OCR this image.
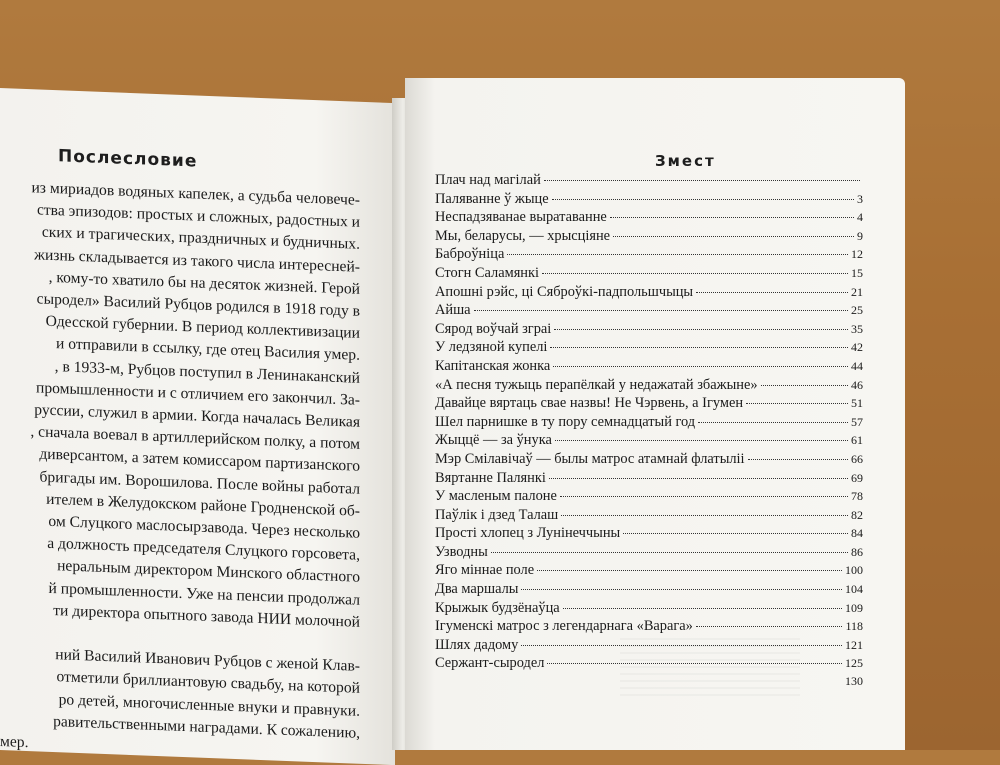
Послесловие
из мириадов водяных капелек, а судьба человече-
ства эпизодов: простых и сложных, радостных и
ских и трагических, праздничных и будничных.
жизнь складывается из такого числа интересней-
, кому-то хватило бы на десяток жизней. Герой
сыродел» Василий Рубцов родился в 1918 году в
Одесской губернии. В период коллективизации
и отправили в ссылку, где отец Василия умер.
, в 1933-м, Рубцов поступил в Ленинаканский
промышленности и с отличием его закончил. За-
руссии, служил в армии. Когда началась Великая
, сначала воевал в артиллерийском полку, а потом
диверсантом, а затем комиссаром партизанского
бригады им. Ворошилова. После войны работал
ителем в Желудокском районе Гродненской об-
ом Слуцкого маслосырзавода. Через несколько
а должность председателя Слуцкого горсовета,
неральным директором Минского областного
й промышленности. Уже на пенсии продолжал
ти директора опытного завода НИИ молочной

ний Василий Иванович Рубцов с женой Клав-
отметили бриллиантовую свадьбу, на которой
ро детей, многочисленные внуки и правнуки.
равительственными наградами. К сожалению,
мер.
Змест
Плач над магілай
Паляванне ў жыце	3
Неспадзяванае выратаванне	4
Мы, беларусы, — хрысціяне	9
Баброўніца	12
Стогн Саламянкі	15
Апошні рэйс, ці Сяброўкі-падпольшчыцы	21
Айша	25
Сярод воўчай зграі	35
У ледзяной купелі	42
Капітанская жонка	44
«А песня тужыць перапёлкай у недажатай збажыне»	46
Давайце вяртаць свае назвы! Не Чэрвень, а Ігумен	51
Шел парнишке в ту пору семнадцатый год	57
Жыццё — за ўнука	61
Мэр Смілавічаў — былы матрос атамнай флатыліі	66
Вяртанне Палянкі	69
У масленым палоне	78
Паўлік і дзед Талаш	82
Прості хлопец з Лунінеччыны	84
Узводны	86
Яго міннае поле	100
Два маршалы	104
Крыжык будзёнаўца	109
Ігуменскі матрос з легендарнага «Варага»	118
Шлях дадому	121
Сержант-сыродел	125
130
